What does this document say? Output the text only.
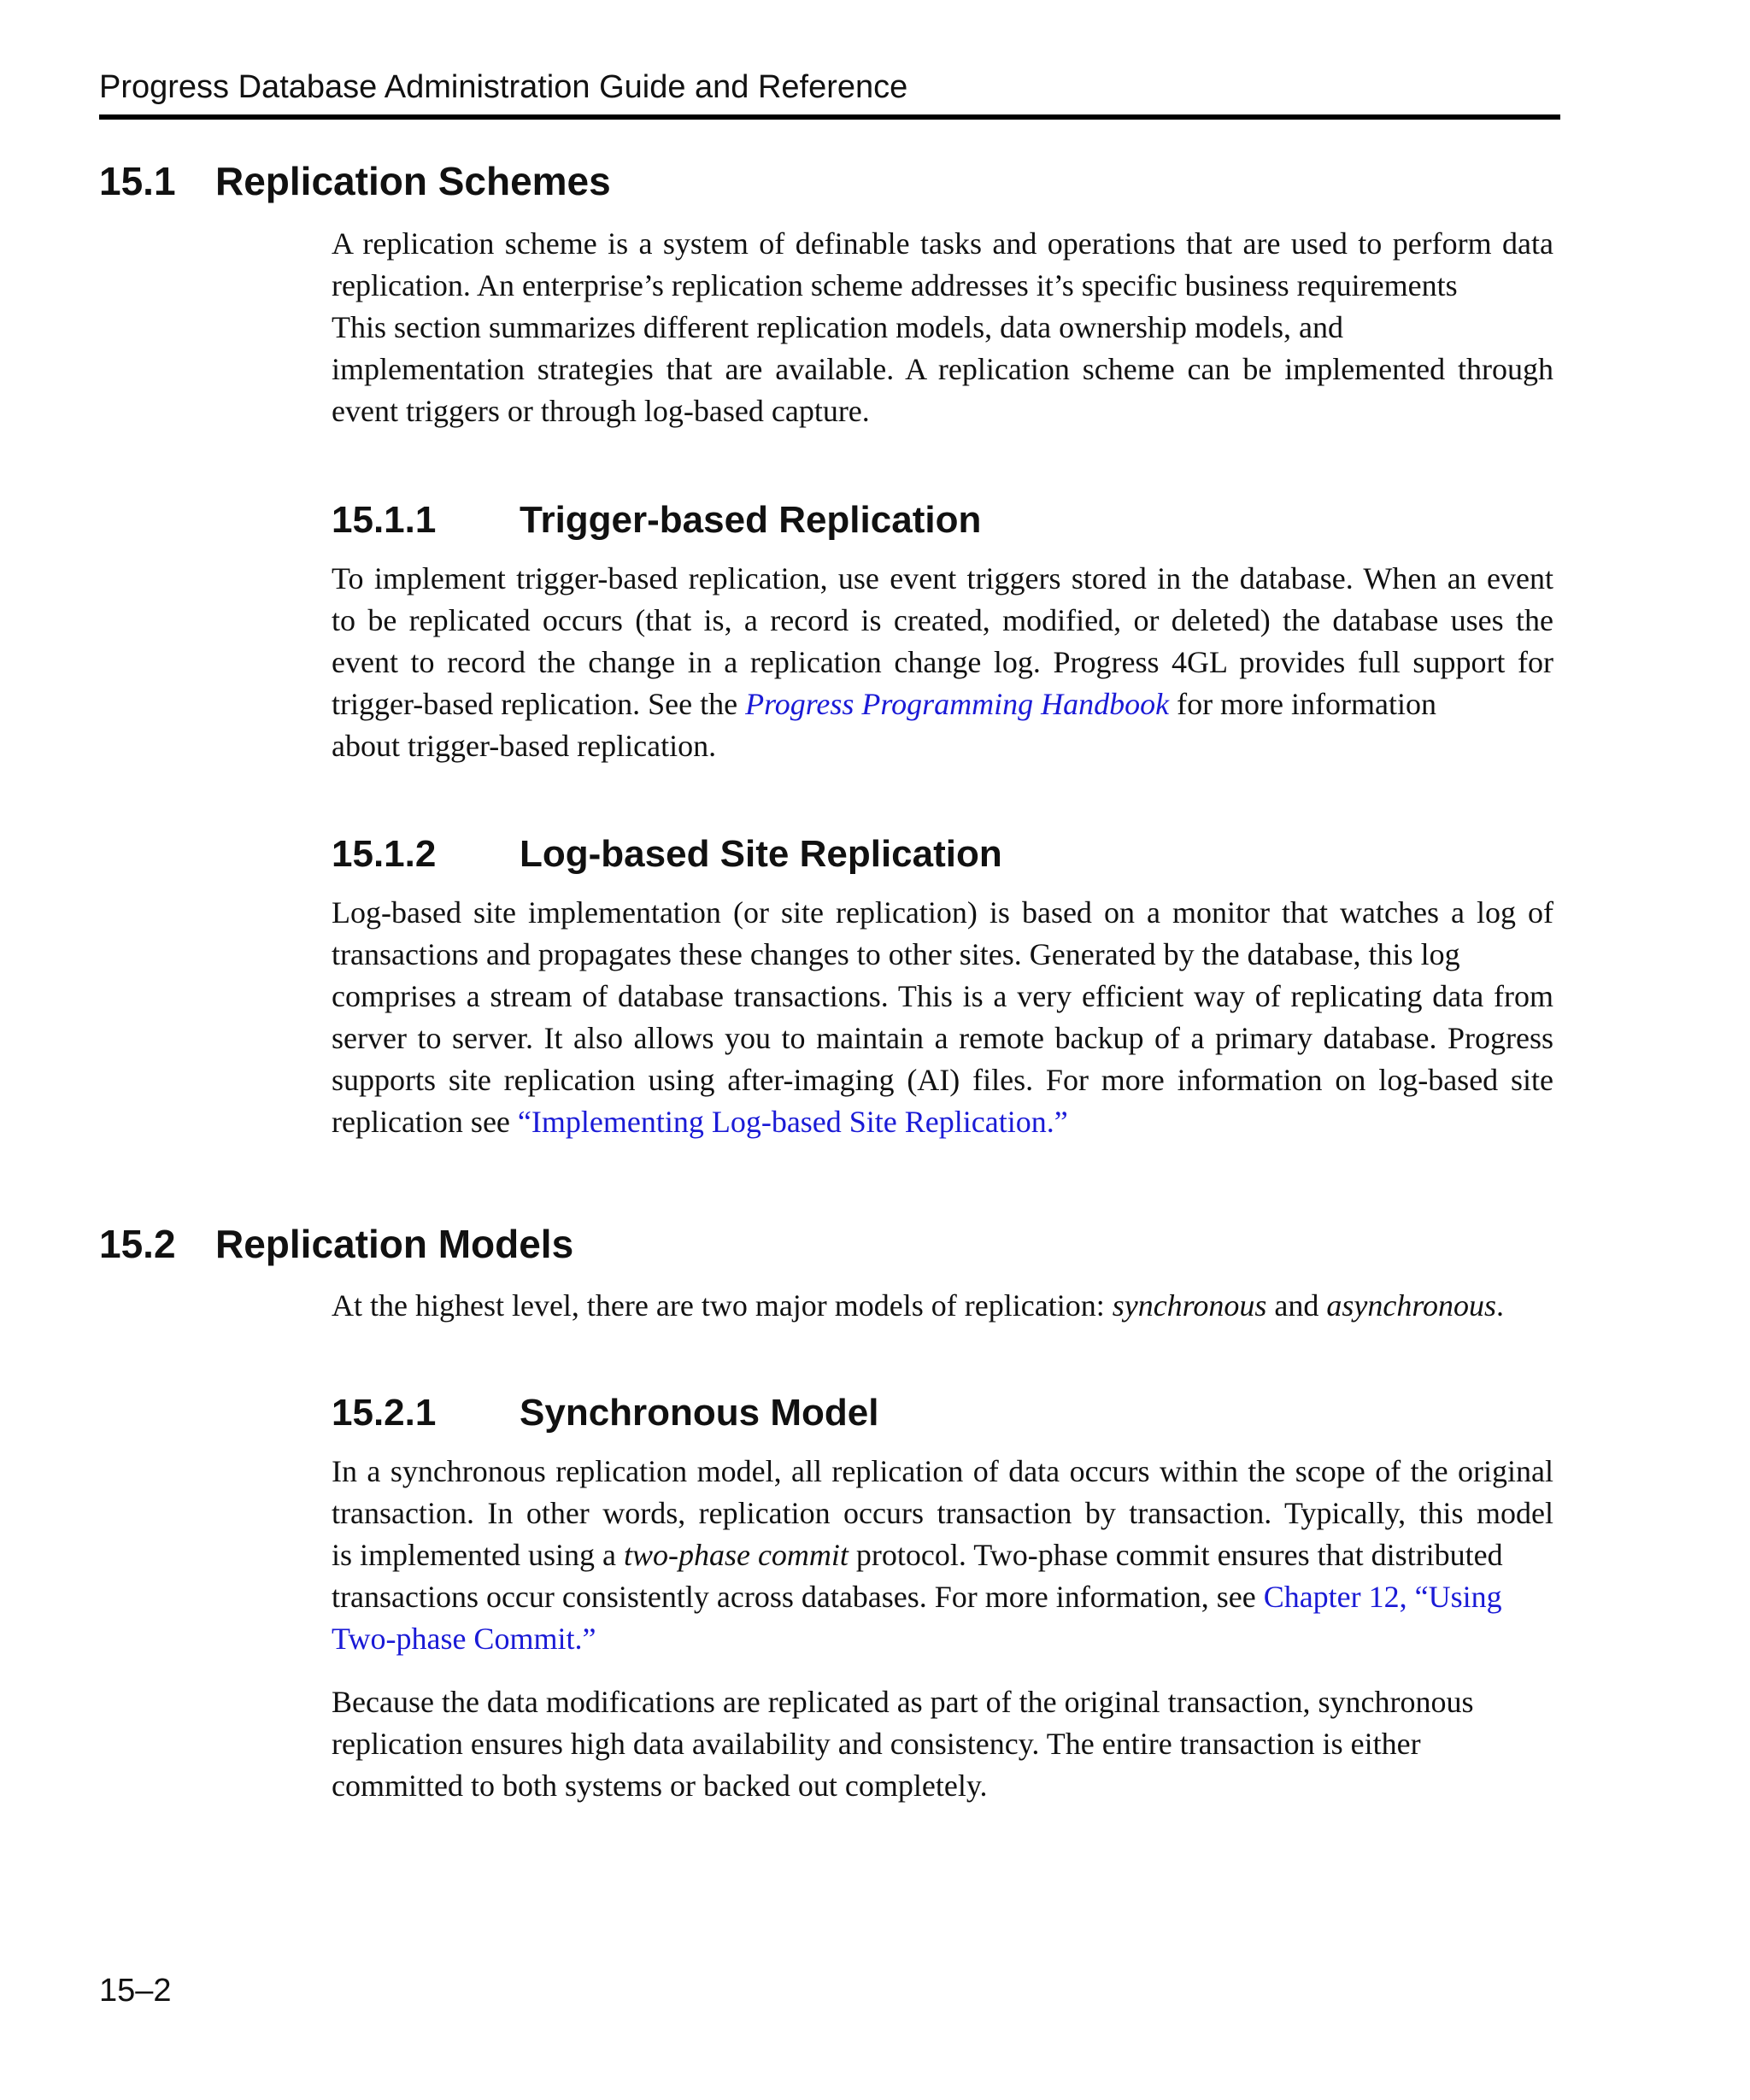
Progress Database Administration Guide and Reference
15.1 Replication Schemes
A replication scheme is a system of definable tasks and operations that are used to perform data
replication. An enterprise’s replication scheme addresses it’s specific business requirements
This section summarizes different replication models, data ownership models, and
implementation strategies that are available. A replication scheme can be implemented through
event triggers or through log-based capture.
15.1.1 Trigger-based Replication
To implement trigger-based replication, use event triggers stored in the database. When an event
to be replicated occurs (that is, a record is created, modified, or deleted) the database uses the
event to record the change in a replication change log. Progress 4GL provides full support for
trigger-based replication. See the Progress Programming Handbook for more information
about trigger-based replication.
15.1.2 Log-based Site Replication
Log-based site implementation (or site replication) is based on a monitor that watches a log of
transactions and propagates these changes to other sites. Generated by the database, this log
comprises a stream of database transactions. This is a very efficient way of replicating data from
server to server. It also allows you to maintain a remote backup of a primary database. Progress
supports site replication using after-imaging (AI) files. For more information on log-based site
replication see “Implementing Log-based Site Replication.”
15.2 Replication Models
At the highest level, there are two major models of replication: synchronous and asynchronous.
15.2.1 Synchronous Model
In a synchronous replication model, all replication of data occurs within the scope of the original
transaction. In other words, replication occurs transaction by transaction. Typically, this model
is implemented using a two-phase commit protocol. Two-phase commit ensures that distributed
transactions occur consistently across databases. For more information, see Chapter 12, “Using
Two-phase Commit.”
Because the data modifications are replicated as part of the original transaction, synchronous
replication ensures high data availability and consistency. The entire transaction is either
committed to both systems or backed out completely.
15–2
